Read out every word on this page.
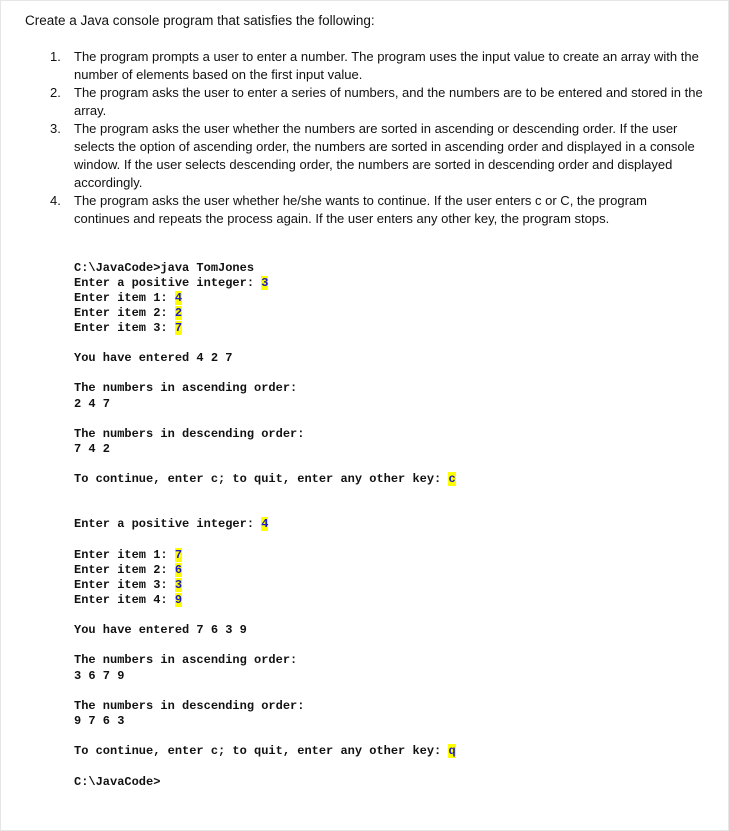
Create a Java console program that satisfies the following:
1. The program prompts a user to enter a number. The program uses the input value to create an array with the number of elements based on the first input value.
2. The program asks the user to enter a series of numbers, and the numbers are to be entered and stored in the array.
3. The program asks the user whether the numbers are sorted in ascending or descending order. If the user selects the option of ascending order, the numbers are sorted in ascending order and displayed in a console window. If the user selects descending order, the numbers are sorted in descending order and displayed accordingly.
4. The program asks the user whether he/she wants to continue. If the user enters c or C, the program continues and repeats the process again. If the user enters any other key, the program stops.
C:\JavaCode>java TomJones
Enter a positive integer: 3
Enter item 1: 4
Enter item 2: 2
Enter item 3: 7
You have entered 4 2 7
The numbers in ascending order:
2 4 7
The numbers in descending order:
7 4 2
To continue, enter c; to quit, enter any other key: c
Enter a positive integer: 4
Enter item 1: 7
Enter item 2: 6
Enter item 3: 3
Enter item 4: 9
You have entered 7 6 3 9
The numbers in ascending order:
3 6 7 9
The numbers in descending order:
9 7 6 3
To continue, enter c; to quit, enter any other key: q
C:\JavaCode>
